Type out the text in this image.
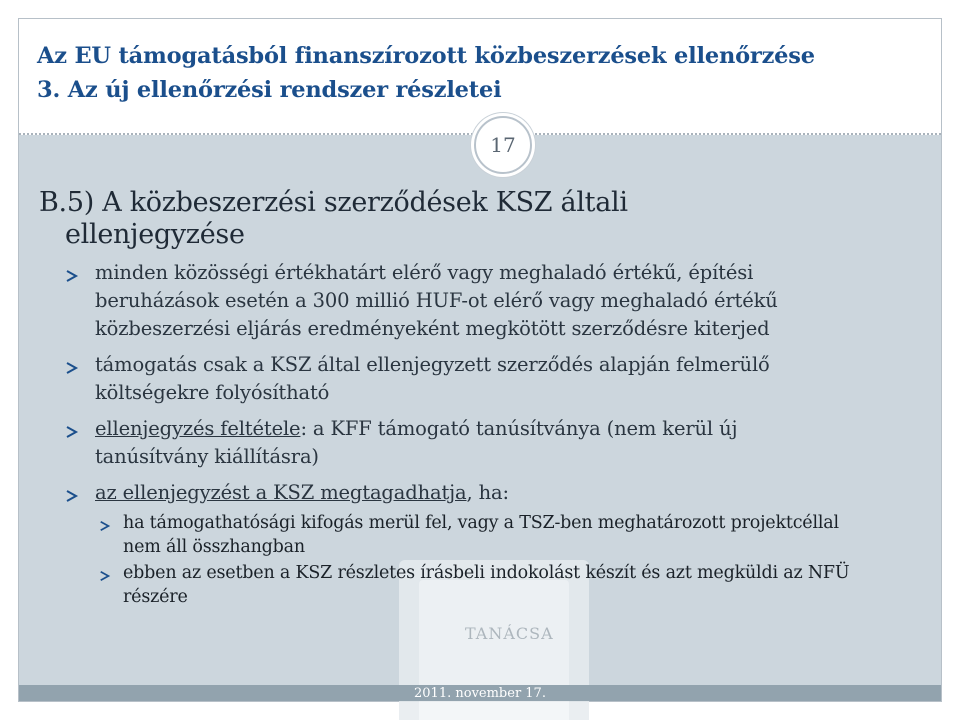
Az EU támogatásból finanszírozott közbeszerzések ellenőrzése
3. Az új ellenőrzési rendszer részletei
TANÁCSA
B.5) A közbeszerzési szerződések KSZ általi
ellenjegyzése
minden közösségi értékhatárt elérő vagy meghaladó értékű, építési
beruházások esetén a 300 millió HUF-ot elérő vagy meghaladó értékű
közbeszerzési eljárás eredményeként megkötött szerződésre kiterjed
támogatás csak a KSZ által ellenjegyzett szerződés alapján felmerülő
költségekre folyósítható
ellenjegyzés feltétele: a KFF támogató tanúsítványa (nem kerül új
tanúsítvány kiállításra)
az ellenjegyzést a KSZ megtagadhatja, ha:
ha támogathatósági kifogás merül fel, vagy a TSZ-ben meghatározott projektcéllal
nem áll összhangban
ebben az esetben a KSZ részletes írásbeli indokolást készít és azt megküldi az NFÜ
részére
17
2011. november 17.
